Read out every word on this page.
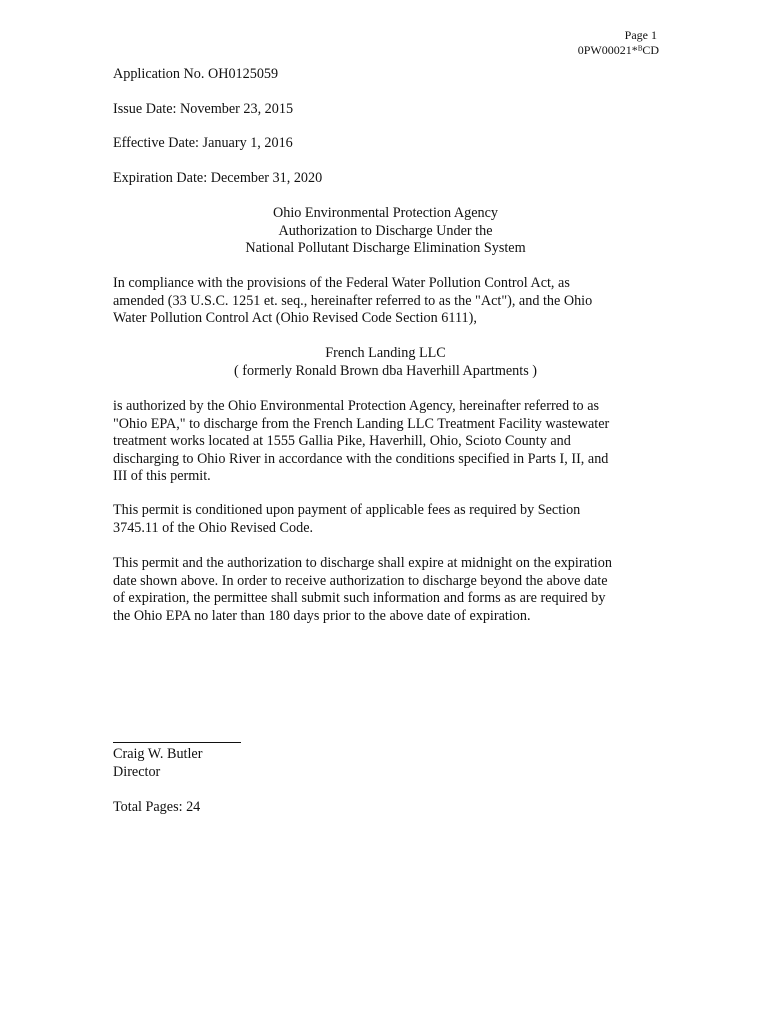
Page 1
0PW00021*ᴮCD
Application No. OH0125059
Issue Date: November 23, 2015
Effective Date: January 1, 2016
Expiration Date: December 31, 2020
Ohio Environmental Protection Agency
Authorization to Discharge Under the
National Pollutant Discharge Elimination System
In compliance with the provisions of the Federal Water Pollution Control Act, as
amended (33 U.S.C. 1251 et. seq., hereinafter referred to as the "Act"), and the Ohio
Water Pollution Control Act (Ohio Revised Code Section 6111),
French Landing LLC
( formerly Ronald Brown dba Haverhill Apartments )
is authorized by the Ohio Environmental Protection Agency, hereinafter referred to as
"Ohio EPA," to discharge from the French Landing LLC Treatment Facility wastewater
treatment works located at 1555 Gallia Pike, Haverhill, Ohio, Scioto County and
discharging to Ohio River in accordance with the conditions specified in Parts I, II, and
III of this permit.
This permit is conditioned upon payment of applicable fees as required by Section
3745.11 of the Ohio Revised Code.
This permit and the authorization to discharge shall expire at midnight on the expiration
date shown above. In order to receive authorization to discharge beyond the above date
of expiration, the permittee shall submit such information and forms as are required by
the Ohio EPA no later than 180 days prior to the above date of expiration.
Craig W. Butler
Director
Total Pages: 24
